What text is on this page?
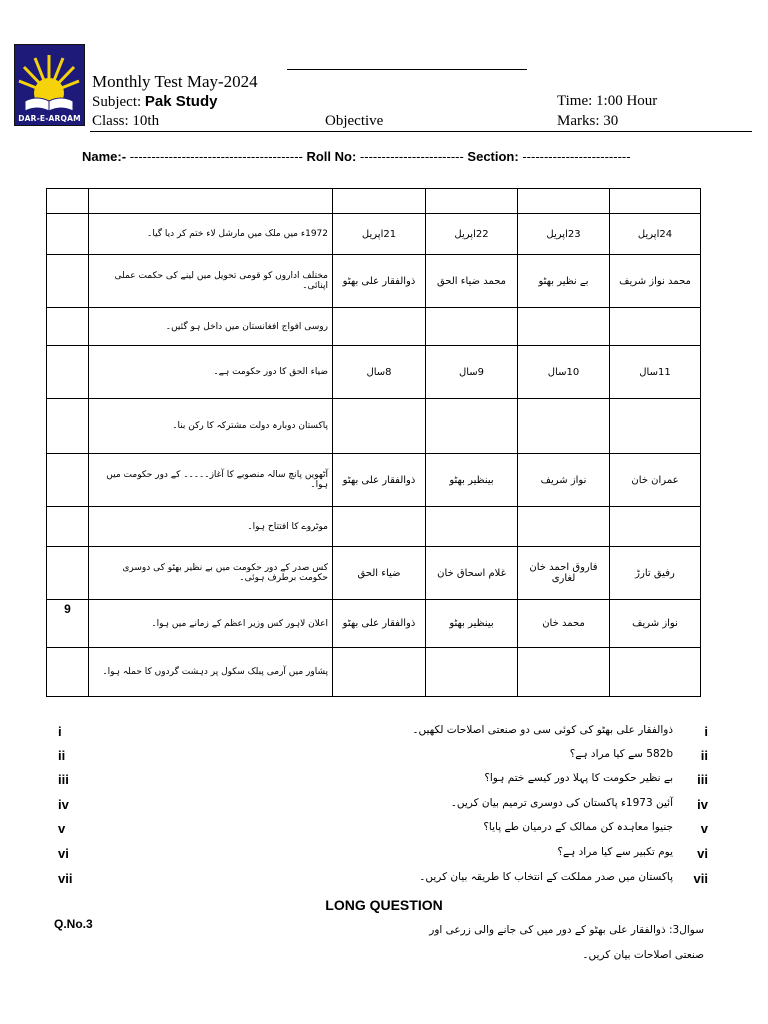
DAR-E-ARQAM
Monthly Test May-2024
Subject: Pak Study
Class: 10th	Objective
Time: 1:00 Hour
Marks: 30
Name:- ---------------------------------------- Roll No: ------------------------ Section: -------------------------

	1972ء میں ملک میں مارشل لاء ختم کر دیا گیا۔	21اپریل	22اپریل	23اپریل	24اپریل
	مختلف اداروں کو قومی تحویل میں لینے کی حکمت عملی اپنائی۔	ذوالفقار علی بھٹو	محمد ضیاء الحق	بے نظیر بھٹو	محمد نواز شریف
	روسی افواج افغانستان میں داخل ہو گئیں۔				
	ضیاء الحق کا دور حکومت ہے۔	8سال	9سال	10سال	11سال
	پاکستان دوبارہ دولت مشترکہ کا رکن بنا۔				
	آٹھویں پانچ سالہ منصوبے کا آغاز۔۔۔۔۔ کے دور حکومت میں ہوا۔	ذوالفقار علی بھٹو	بینظیر بھٹو	نواز شریف	عمران خان
	موٹروے کا افتتاح ہوا۔				
	کس صدر کے دور حکومت میں بے نظیر بھٹو کی دوسری حکومت برطرف ہوئی۔	ضیاء الحق	غلام اسحاق خان	فاروق احمد خان لغاری	رفیق تارڑ
9	اعلان لاہور کس وزیر اعظم کے زمانے میں ہوا۔	ذوالفقار علی بھٹو	بینظیر بھٹو	محمد خان	نواز شریف
	پشاور میں آرمی پبلک سکول پر دہشت گردوں کا حملہ ہوا۔				
i	ذوالفقار علی بھٹو کی کوئی سی دو صنعتی اصلاحات لکھیں۔ i
ii	582b سے کیا مراد ہے؟ ii
iii	بے نظیر حکومت کا پہلا دور کیسے ختم ہوا؟ iii
iv	آئین 1973ء پاکستان کی دوسری ترمیم بیان کریں۔ iv
v	جنیوا معاہدہ کن ممالک کے درمیان طے پایا؟ v
vi	یوم تکبیر سے کیا مراد ہے؟ vi
vii	پاکستان میں صدر مملکت کے انتخاب کا طریقہ بیان کریں۔ vii
LONG QUESTION
Q.No.3	سوال3: ذوالفقار علی بھٹو کے دور میں کی جانے والی زرعی اور صنعتی اصلاحات بیان کریں۔
